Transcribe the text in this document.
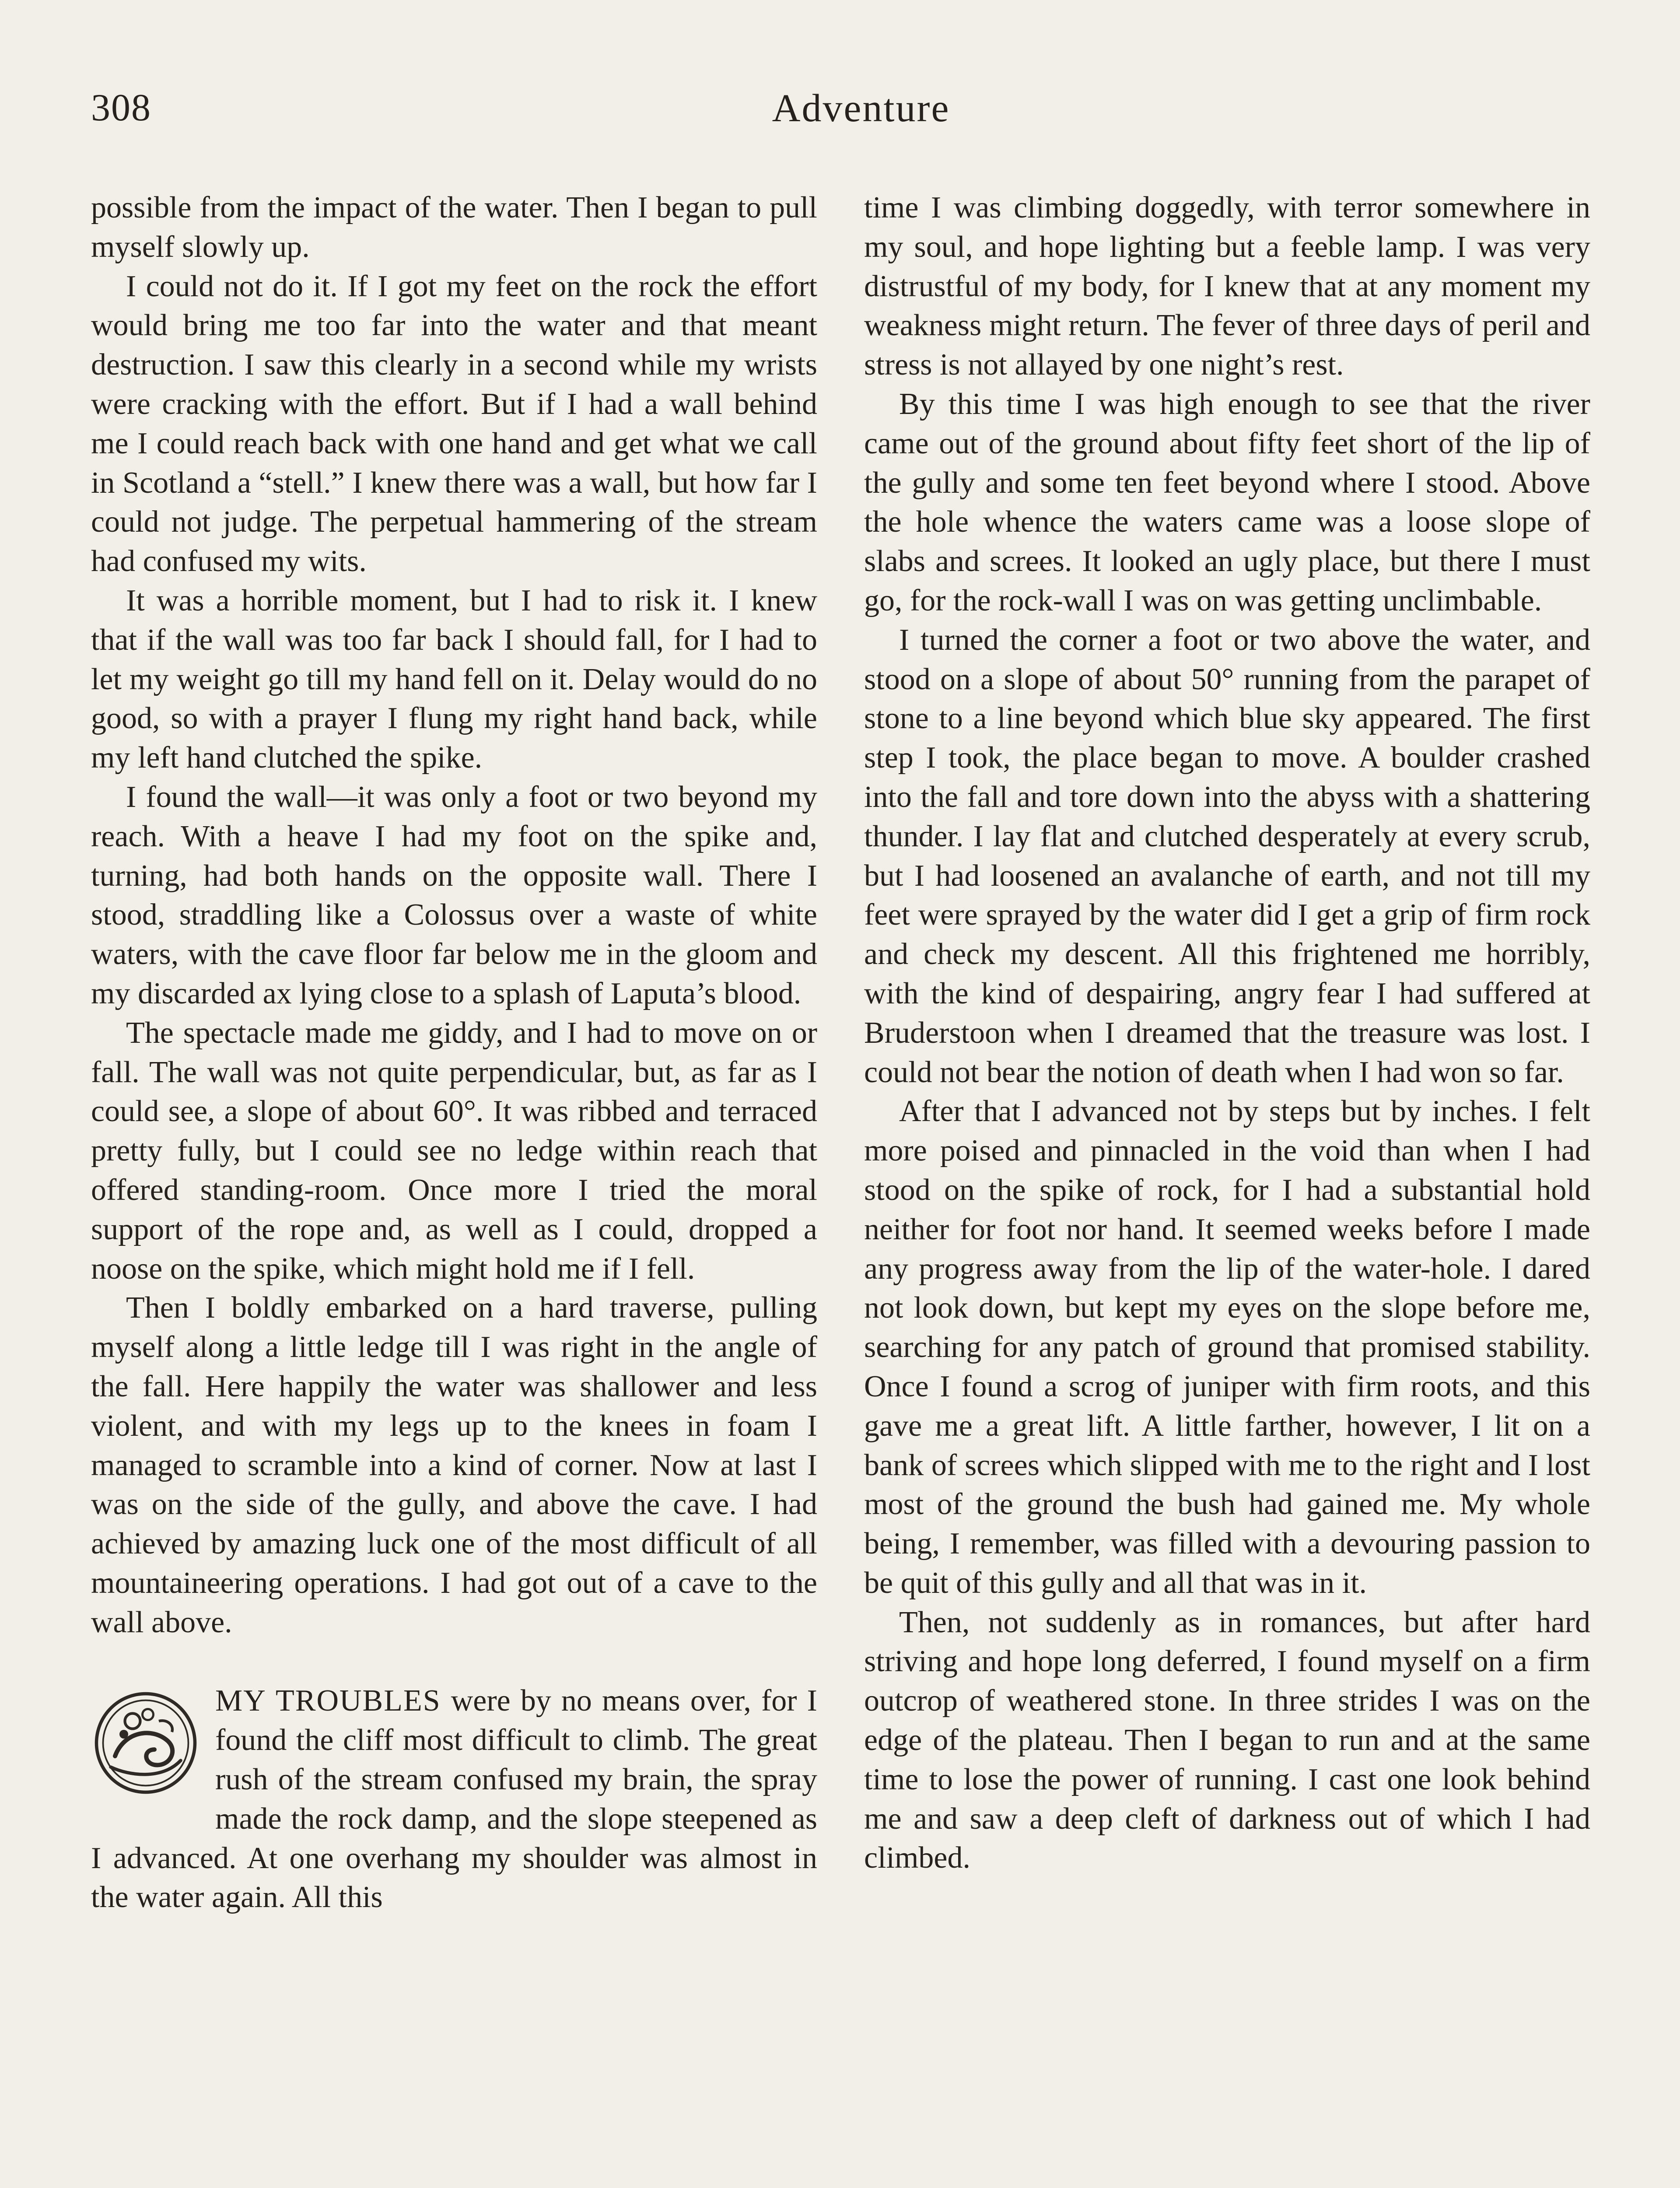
308	Adventure

possible from the impact of the water. Then I began to pull myself slowly up.

I could not do it. If I got my feet on the rock the effort would bring me too far into the water and that meant destruction. I saw this clearly in a second while my wrists were cracking with the effort. But if I had a wall behind me I could reach back with one hand and get what we call in Scotland a “stell.” I knew there was a wall, but how far I could not judge. The perpetual hammering of the stream had confused my wits.

It was a horrible moment, but I had to risk it. I knew that if the wall was too far back I should fall, for I had to let my weight go till my hand fell on it. Delay would do no good, so with a prayer I flung my right hand back, while my left hand clutched the spike.

I found the wall—it was only a foot or two beyond my reach. With a heave I had my foot on the spike and, turning, had both hands on the opposite wall. There I stood, straddling like a Colossus over a waste of white waters, with the cave floor far below me in the gloom and my discarded ax lying close to a splash of Laputa’s blood.

The spectacle made me giddy, and I had to move on or fall. The wall was not quite perpendicular, but, as far as I could see, a slope of about 60°. It was ribbed and terraced pretty fully, but I could see no ledge within reach that offered standing-room. Once more I tried the moral support of the rope and, as well as I could, dropped a noose on the spike, which might hold me if I fell.

Then I boldly embarked on a hard traverse, pulling myself along a little ledge till I was right in the angle of the fall. Here happily the water was shallower and less violent, and with my legs up to the knees in foam I managed to scramble into a kind of corner. Now at last I was on the side of the gully, and above the cave. I had achieved by amazing luck one of the most difficult of all mountaineering operations. I had got out of a cave to the wall above.

MY TROUBLES were by no means over, for I found the cliff most difficult to climb. The great rush of the stream confused my brain, the spray made the rock damp, and the slope steepened as I advanced. At one overhang my shoulder was almost in the water again. All this

time I was climbing doggedly, with terror somewhere in my soul, and hope lighting but a feeble lamp. I was very distrustful of my body, for I knew that at any moment my weakness might return. The fever of three days of peril and stress is not allayed by one night’s rest.

By this time I was high enough to see that the river came out of the ground about fifty feet short of the lip of the gully and some ten feet beyond where I stood. Above the hole whence the waters came was a loose slope of slabs and screes. It looked an ugly place, but there I must go, for the rock-wall I was on was getting unclimbable.

I turned the corner a foot or two above the water, and stood on a slope of about 50° running from the parapet of stone to a line beyond which blue sky appeared. The first step I took, the place began to move. A boulder crashed into the fall and tore down into the abyss with a shattering thunder. I lay flat and clutched desperately at every scrub, but I had loosened an avalanche of earth, and not till my feet were sprayed by the water did I get a grip of firm rock and check my descent. All this frightened me horribly, with the kind of despairing, angry fear I had suffered at Bruderstoon when I dreamed that the treasure was lost. I could not bear the notion of death when I had won so far.

After that I advanced not by steps but by inches. I felt more poised and pinnacled in the void than when I had stood on the spike of rock, for I had a substantial hold neither for foot nor hand. It seemed weeks before I made any progress away from the lip of the water-hole. I dared not look down, but kept my eyes on the slope before me, searching for any patch of ground that promised stability. Once I found a scrog of juniper with firm roots, and this gave me a great lift. A little farther, however, I lit on a bank of screes which slipped with me to the right and I lost most of the ground the bush had gained me. My whole being, I remember, was filled with a devouring passion to be quit of this gully and all that was in it.

Then, not suddenly as in romances, but after hard striving and hope long deferred, I found myself on a firm outcrop of weathered stone. In three strides I was on the edge of the plateau. Then I began to run and at the same time to lose the power of running. I cast one look behind me and saw a deep cleft of darkness out of which I had climbed.
